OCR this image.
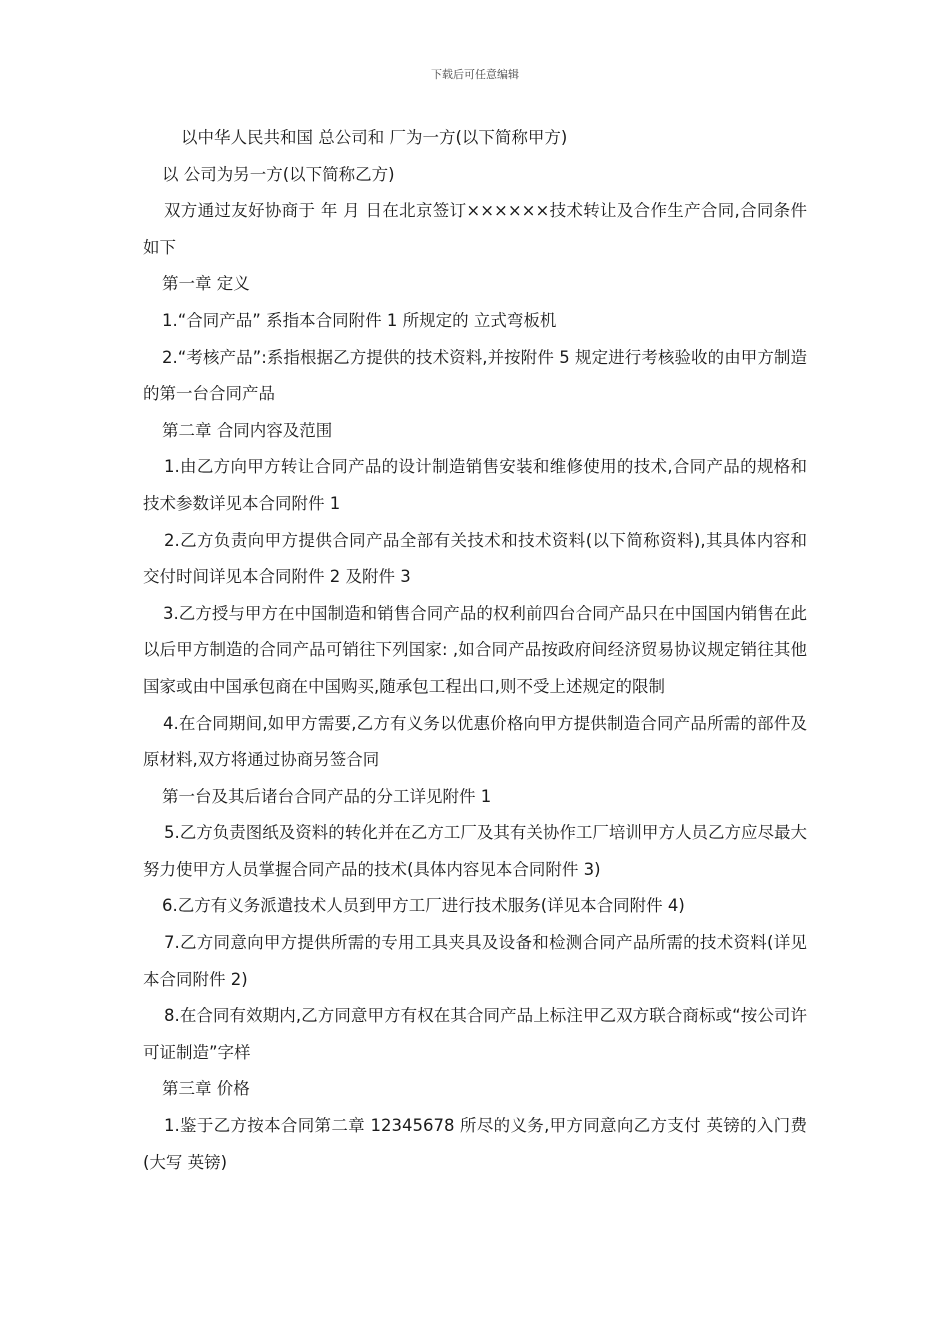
下载后可任意编辑

以中华人民共和国 总公司和 厂为一方(以下简称甲方)

以 公司为另一方(以下简称乙方)

双方通过友好协商于 年 月 日在北京签订××××××技术转让及合作生产合同,合同条件如下

第一章 定义

1.“合同产品” 系指本合同附件 1 所规定的 立式弯板机

2.“考核产品”:系指根据乙方提供的技术资料,并按附件 5 规定进行考核验收的由甲方制造的第一台合同产品

第二章 合同内容及范围

1.由乙方向甲方转让合同产品的设计制造销售安装和维修使用的技术,合同产品的规格和技术参数详见本合同附件 1

2.乙方负责向甲方提供合同产品全部有关技术和技术资料(以下简称资料),其具体内容和交付时间详见本合同附件 2 及附件 3

3.乙方授与甲方在中国制造和销售合同产品的权利前四台合同产品只在中国国内销售在此以后甲方制造的合同产品可销往下列国家: ,如合同产品按政府间经济贸易协议规定销往其他国家或由中国承包商在中国购买,随承包工程出口,则不受上述规定的限制

4.在合同期间,如甲方需要,乙方有义务以优惠价格向甲方提供制造合同产品所需的部件及原材料,双方将通过协商另签合同

第一台及其后诸台合同产品的分工详见附件 1

5.乙方负责图纸及资料的转化并在乙方工厂及其有关协作工厂培训甲方人员乙方应尽最大努力使甲方人员掌握合同产品的技术(具体内容见本合同附件 3)

6.乙方有义务派遣技术人员到甲方工厂进行技术服务(详见本合同附件 4)

7.乙方同意向甲方提供所需的专用工具夹具及设备和检测合同产品所需的技术资料(详见本合同附件 2)

8.在合同有效期内,乙方同意甲方有权在其合同产品上标注甲乙双方联合商标或“按公司许可证制造”字样

第三章 价格

1.鉴于乙方按本合同第二章 12345678 所尽的义务,甲方同意向乙方支付 英镑的入门费(大写 英镑)
